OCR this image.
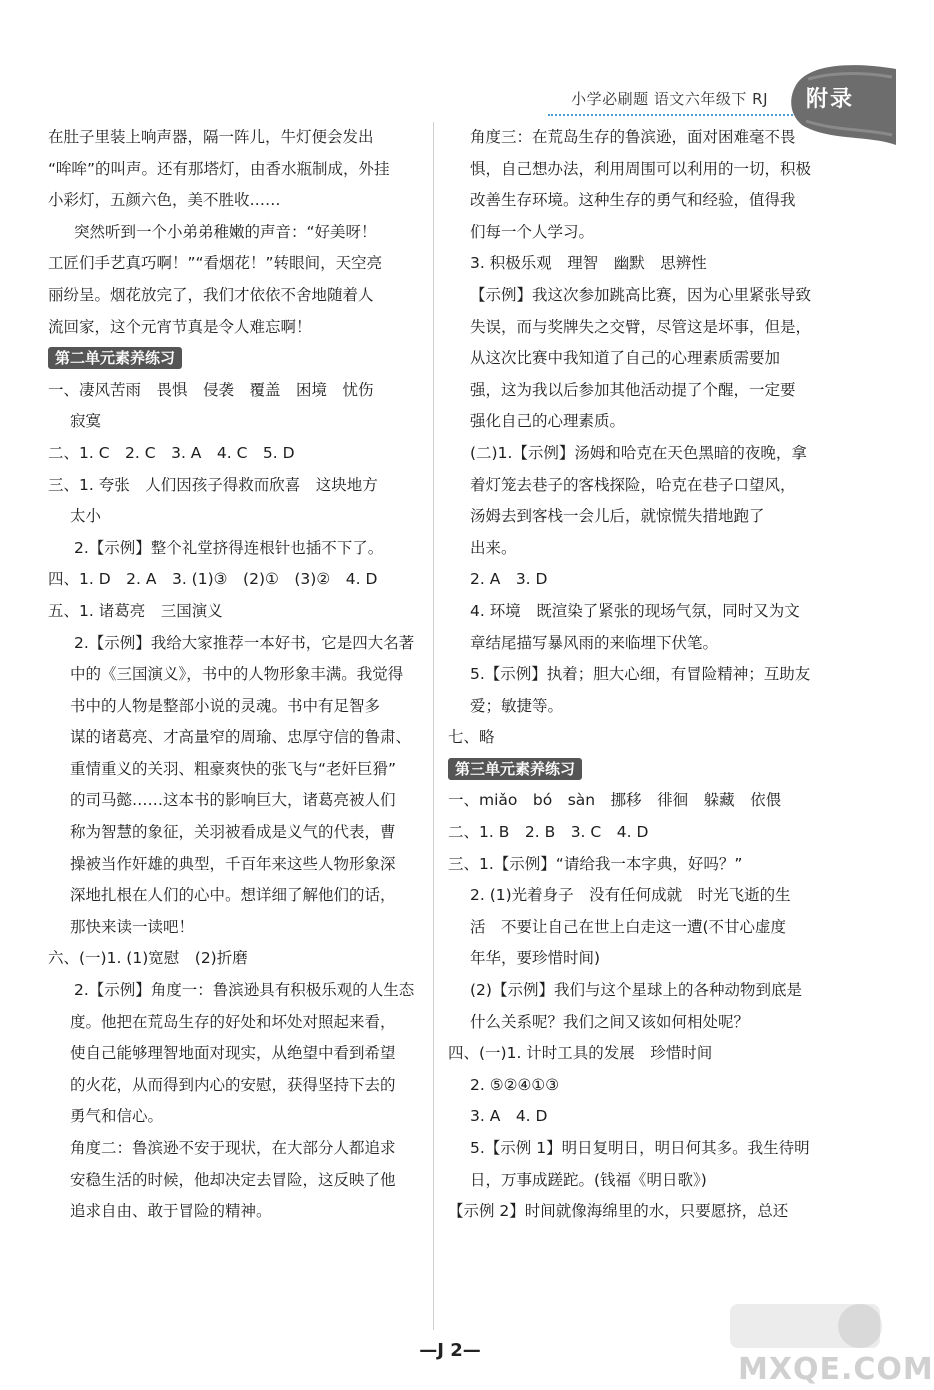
小学必刷题 语文六年级下 RJ 附录
在肚子里装上响声器，隔一阵儿，牛灯便会发出
“哞哞”的叫声。还有那塔灯，由香水瓶制成，外挂
小彩灯，五颜六色，美不胜收……
突然听到一个小弟弟稚嫩的声音：“好美呀！
工匠们手艺真巧啊！”“看烟花！”转眼间，天空亮
丽纷呈。烟花放完了，我们才依依不舍地随着人
流回家，这个元宵节真是令人难忘啊！
第二单元素养练习
一、凄风苦雨　畏惧　侵袭　覆盖　困境　忧伤
寂寞
二、1. C　2. C　3. A　4. C　5. D
三、1. 夸张　人们因孩子得救而欣喜　这块地方
太小
2.【示例】整个礼堂挤得连根针也插不下了。
四、1. D　2. A　3. (1)③　(2)①　(3)②　4. D
五、1. 诸葛亮　三国演义
2.【示例】我给大家推荐一本好书，它是四大名著
中的《三国演义》，书中的人物形象丰满。我觉得
书中的人物是整部小说的灵魂。书中有足智多
谋的诸葛亮、才高量窄的周瑜、忠厚守信的鲁肃、
重情重义的关羽、粗豪爽快的张飞与“老奸巨猾”
的司马懿……这本书的影响巨大，诸葛亮被人们
称为智慧的象征，关羽被看成是义气的代表，曹
操被当作奸雄的典型，千百年来这些人物形象深
深地扎根在人们的心中。想详细了解他们的话，
那快来读一读吧！
六、(一)1. (1)宽慰　(2)折磨
2.【示例】角度一：鲁滨逊具有积极乐观的人生态
度。他把在荒岛生存的好处和坏处对照起来看，
使自己能够理智地面对现实，从绝望中看到希望
的火花，从而得到内心的安慰，获得坚持下去的
勇气和信心。
角度二：鲁滨逊不安于现状，在大部分人都追求
安稳生活的时候，他却决定去冒险，这反映了他
追求自由、敢于冒险的精神。
角度三：在荒岛生存的鲁滨逊，面对困难毫不畏
惧，自己想办法，利用周围可以利用的一切，积极
改善生存环境。这种生存的勇气和经验，值得我
们每一个人学习。
3. 积极乐观　理智　幽默　思辨性
【示例】我这次参加跳高比赛，因为心里紧张导致
失误，而与奖牌失之交臂，尽管这是坏事，但是，
从这次比赛中我知道了自己的心理素质需要加
强，这为我以后参加其他活动提了个醒，一定要
强化自己的心理素质。
(二)1.【示例】汤姆和哈克在天色黑暗的夜晚，拿
着灯笼去巷子的客栈探险，哈克在巷子口望风，
汤姆去到客栈一会儿后，就惊慌失措地跑了
出来。
2. A　3. D
4. 环境　既渲染了紧张的现场气氛，同时又为文
章结尾描写暴风雨的来临埋下伏笔。
5.【示例】执着；胆大心细，有冒险精神；互助友
爱；敏捷等。
七、略
第三单元素养练习
一、miǎo　bó　sàn　挪移　徘徊　躲藏　依偎
二、1. B　2. B　3. C　4. D
三、1.【示例】“请给我一本字典，好吗？”
2. (1)光着身子　没有任何成就　时光飞逝的生
活　不要让自己在世上白走这一遭(不甘心虚度
年华，要珍惜时间)
(2)【示例】我们与这个星球上的各种动物到底是
什么关系呢？我们之间又该如何相处呢？
四、(一)1. 计时工具的发展　珍惜时间
2. ⑤②④①③
3. A　4. D
5.【示例 1】明日复明日，明日何其多。我生待明
日，万事成蹉跎。(钱福《明日歌》)
【示例 2】时间就像海绵里的水，只要愿挤，总还
—J 2—
MXQE.COM
